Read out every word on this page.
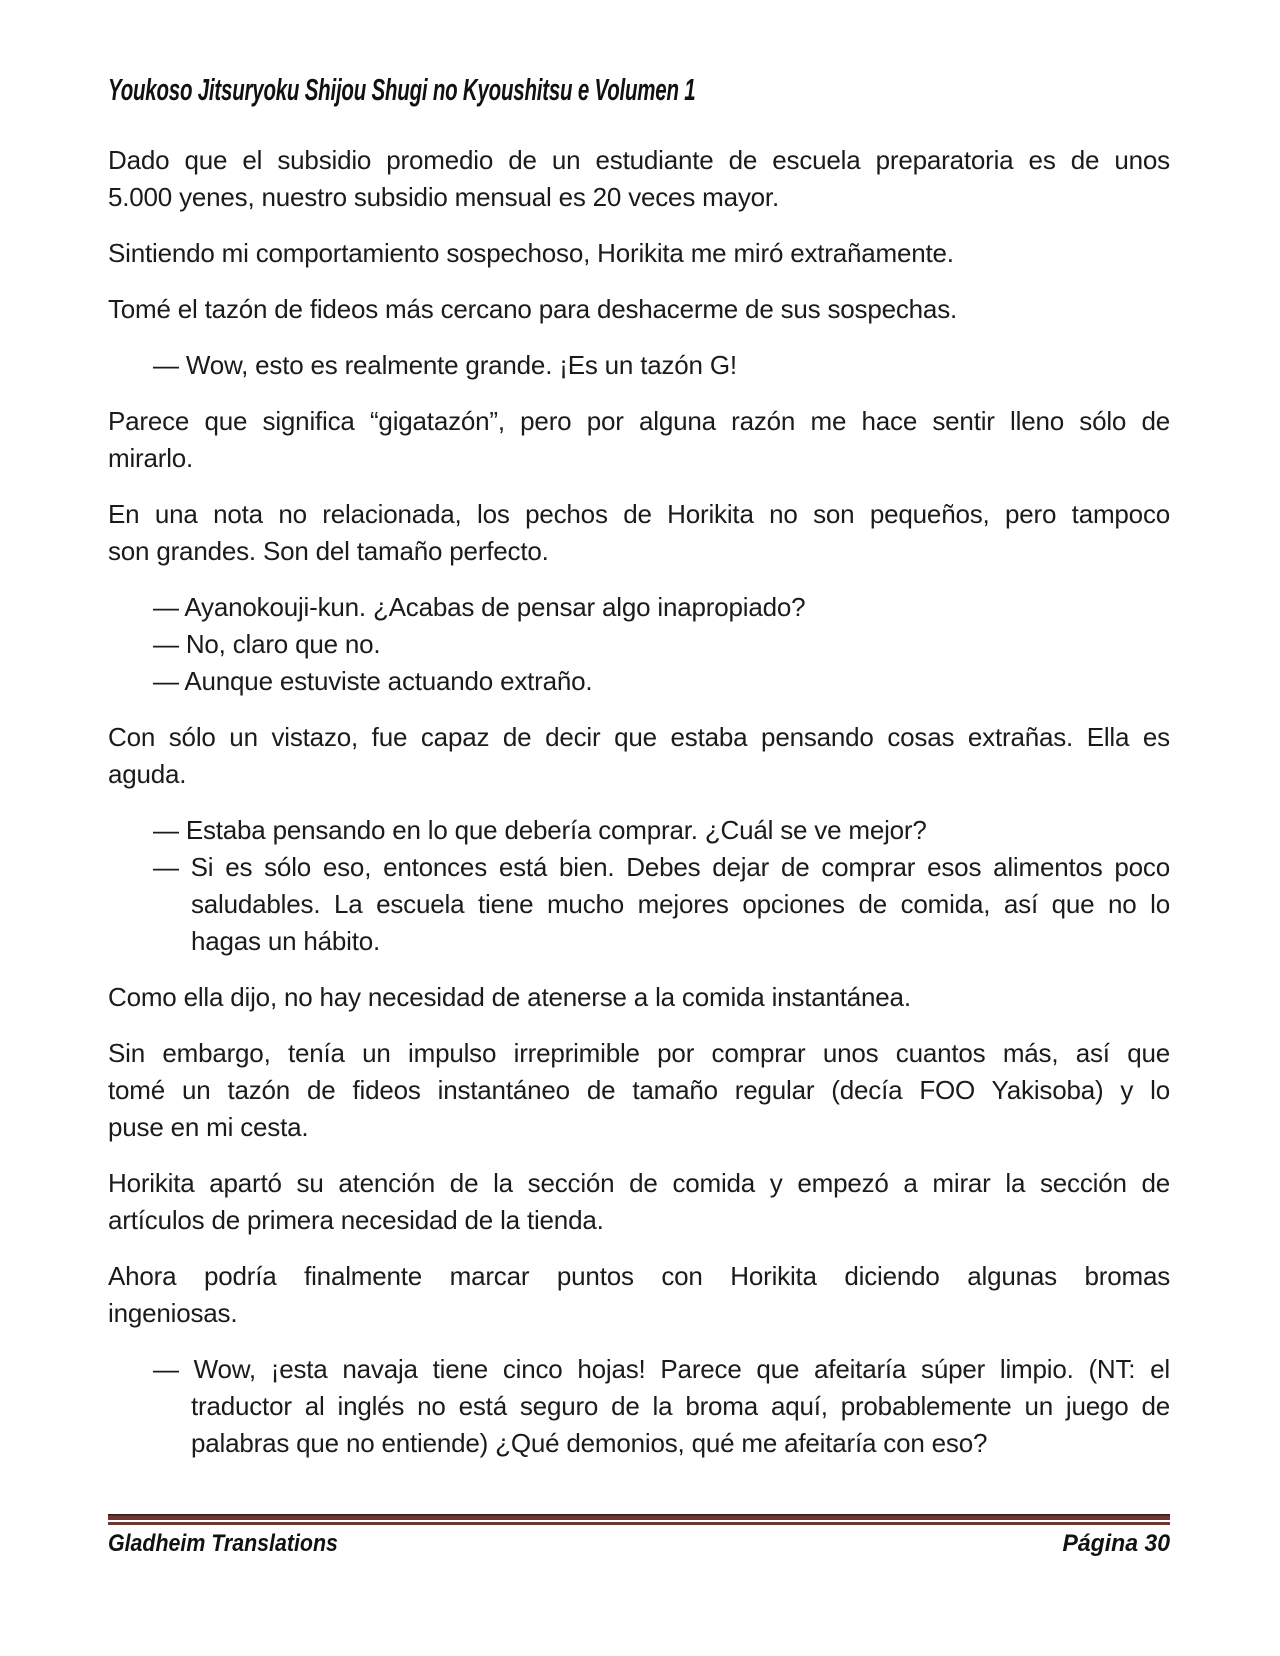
Youkoso Jitsuryoku Shijou Shugi no Kyoushitsu e Volumen 1
Dado que el subsidio promedio de un estudiante de escuela preparatoria es de unos
5.000 yenes, nuestro subsidio mensual es 20 veces mayor.
Sintiendo mi comportamiento sospechoso, Horikita me miró extrañamente.
Tomé el tazón de fideos más cercano para deshacerme de sus sospechas.
— Wow, esto es realmente grande. ¡Es un tazón G!
Parece que significa “gigatazón”, pero por alguna razón me hace sentir lleno sólo de
mirarlo.
En una nota no relacionada, los pechos de Horikita no son pequeños, pero tampoco
son grandes. Son del tamaño perfecto.
— Ayanokouji-kun. ¿Acabas de pensar algo inapropiado?
— No, claro que no.
— Aunque estuviste actuando extraño.
Con sólo un vistazo, fue capaz de decir que estaba pensando cosas extrañas. Ella es
aguda.
— Estaba pensando en lo que debería comprar. ¿Cuál se ve mejor?
— Si es sólo eso, entonces está bien. Debes dejar de comprar esos alimentos poco
saludables. La escuela tiene mucho mejores opciones de comida, así que no lo
hagas un hábito.
Como ella dijo, no hay necesidad de atenerse a la comida instantánea.
Sin embargo, tenía un impulso irreprimible por comprar unos cuantos más, así que
tomé un tazón de fideos instantáneo de tamaño regular (decía FOO Yakisoba) y lo
puse en mi cesta.
Horikita apartó su atención de la sección de comida y empezó a mirar la sección de
artículos de primera necesidad de la tienda.
Ahora podría finalmente marcar puntos con Horikita diciendo algunas bromas
ingeniosas.
— Wow, ¡esta navaja tiene cinco hojas! Parece que afeitaría súper limpio. (NT: el
traductor al inglés no está seguro de la broma aquí, probablemente un juego de
palabras que no entiende) ¿Qué demonios, qué me afeitaría con eso?
Gladheim Translations	Página 30
